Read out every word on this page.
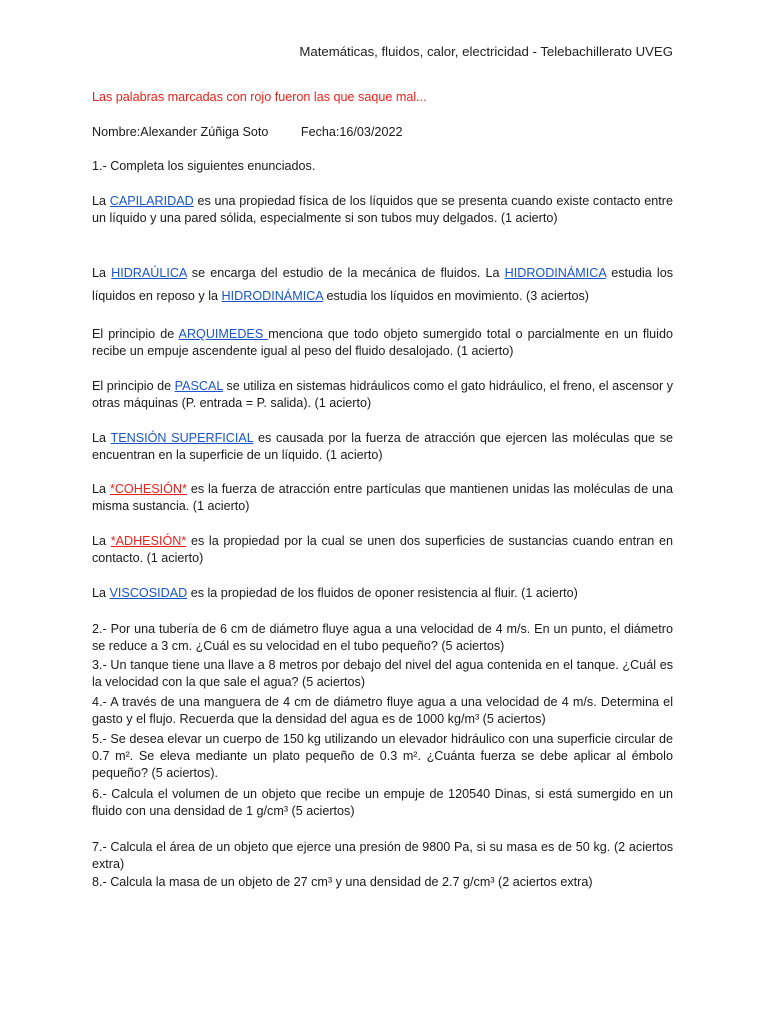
Matemáticas, fluidos, calor, electricidad - Telebachillerato UVEG
Las palabras marcadas con rojo fueron las que saque mal...
Nombre:Alexander Zúñiga Soto	Fecha:16/03/2022
1.- Completa los siguientes enunciados.
La CAPILARIDAD es una propiedad física de los líquidos que se presenta cuando existe contacto entre un líquido y una pared sólida, especialmente si son tubos muy delgados. (1 acierto)
La HIDRAÚLICA se encarga del estudio de la mecánica de fluidos. La HIDRODINÁMICA estudia los líquidos en reposo y la HIDRODINÁMICA estudia los líquidos en movimiento. (3 aciertos)
El principio de ARQUIMEDES menciona que todo objeto sumergido total o parcialmente en un fluido recibe un empuje ascendente igual al peso del fluido desalojado. (1 acierto)
El principio de PASCAL se utiliza en sistemas hidráulicos como el gato hidráulico, el freno, el ascensor y otras máquinas (P. entrada = P. salida). (1 acierto)
La TENSIÓN SUPERFICIAL es causada por la fuerza de atracción que ejercen las moléculas que se encuentran en la superficie de un líquido. (1 acierto)
La *COHESIÓN* es la fuerza de atracción entre partículas que mantienen unidas las moléculas de una misma sustancia. (1 acierto)
La *ADHESIÓN* es la propiedad por la cual se unen dos superficies de sustancias cuando entran en contacto. (1 acierto)
La VISCOSIDAD es la propiedad de los fluidos de oponer resistencia al fluir. (1 acierto)
2.- Por una tubería de 6 cm de diámetro fluye agua a una velocidad de 4 m/s. En un punto, el diámetro se reduce a 3 cm. ¿Cuál es su velocidad en el tubo pequeño? (5 aciertos)
3.- Un tanque tiene una llave a 8 metros por debajo del nivel del agua contenida en el tanque. ¿Cuál es la velocidad con la que sale el agua? (5 aciertos)
4.- A través de una manguera de 4 cm de diámetro fluye agua a una velocidad de 4 m/s. Determina el gasto y el flujo. Recuerda que la densidad del agua es de 1000 kg/m³ (5 aciertos)
5.- Se desea elevar un cuerpo de 150 kg utilizando un elevador hidráulico con una superficie circular de 0.7 m². Se eleva mediante un plato pequeño de 0.3 m². ¿Cuánta fuerza se debe aplicar al émbolo pequeño? (5 aciertos).
6.- Calcula el volumen de un objeto que recibe un empuje de 120540 Dinas, si está sumergido en un fluido con una densidad de 1 g/cm³ (5 aciertos)
7.- Calcula el área de un objeto que ejerce una presión de 9800 Pa, si su masa es de 50 kg. (2 aciertos extra)
8.- Calcula la masa de un objeto de 27 cm³ y una densidad de 2.7 g/cm³ (2 aciertos extra)
